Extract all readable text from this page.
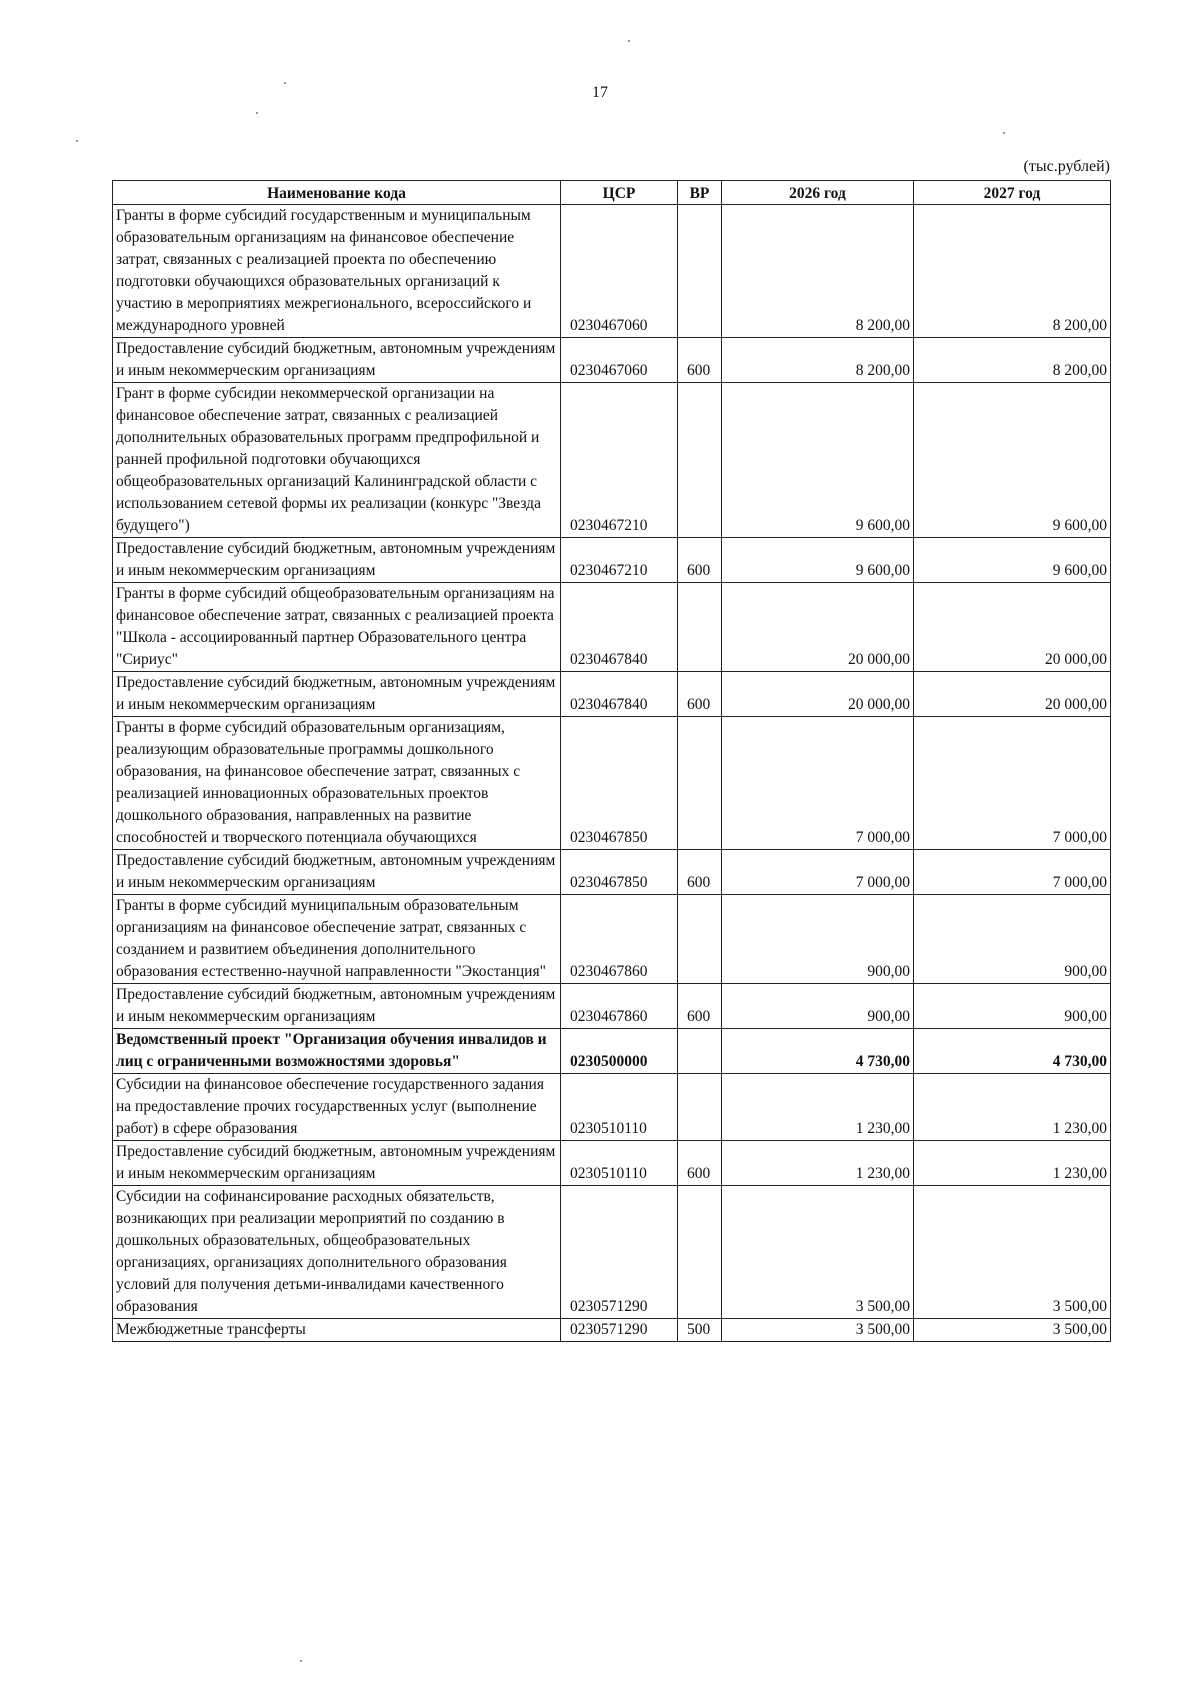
17
(тыс.рублей)
Наименование кода	ЦСР	ВР	2026 год	2027 год
Гранты в форме субсидий государственным и муниципальным образовательным организациям на финансовое обеспечение затрат, связанных с реализацией проекта по обеспечению подготовки обучающихся образовательных организаций к участию в мероприятиях межрегионального, всероссийского и международного уровней	0230467060		8 200,00	8 200,00
Предоставление субсидий бюджетным, автономным учреждениям и иным некоммерческим организациям	0230467060	600	8 200,00	8 200,00
Грант в форме субсидии некоммерческой организации на финансовое обеспечение затрат, связанных с реализацией дополнительных образовательных программ предпрофильной и ранней профильной подготовки обучающихся общеобразовательных организаций Калининградской области с использованием сетевой формы их реализации (конкурс "Звезда будущего")	0230467210		9 600,00	9 600,00
Предоставление субсидий бюджетным, автономным учреждениям и иным некоммерческим организациям	0230467210	600	9 600,00	9 600,00
Гранты в форме субсидий общеобразовательным организациям на финансовое обеспечение затрат, связанных с реализацией проекта "Школа - ассоциированный партнер Образовательного центра "Сириус"	0230467840		20 000,00	20 000,00
Предоставление субсидий бюджетным, автономным учреждениям и иным некоммерческим организациям	0230467840	600	20 000,00	20 000,00
Гранты в форме субсидий образовательным организациям, реализующим образовательные программы дошкольного образования, на финансовое обеспечение затрат, связанных с реализацией инновационных образовательных проектов дошкольного образования, направленных на развитие способностей и творческого потенциала обучающихся	0230467850		7 000,00	7 000,00
Предоставление субсидий бюджетным, автономным учреждениям и иным некоммерческим организациям	0230467850	600	7 000,00	7 000,00
Гранты в форме субсидий муниципальным образовательным организациям на финансовое обеспечение затрат, связанных с созданием и развитием объединения дополнительного образования естественно-научной направленности "Экостанция"	0230467860		900,00	900,00
Предоставление субсидий бюджетным, автономным учреждениям и иным некоммерческим организациям	0230467860	600	900,00	900,00
Ведомственный проект "Организация обучения инвалидов и лиц с ограниченными возможностями здоровья"	0230500000		4 730,00	4 730,00
Субсидии на финансовое обеспечение государственного задания на предоставление прочих государственных услуг (выполнение работ) в сфере образования	0230510110		1 230,00	1 230,00
Предоставление субсидий бюджетным, автономным учреждениям и иным некоммерческим организациям	0230510110	600	1 230,00	1 230,00
Субсидии на софинансирование расходных обязательств, возникающих при реализации мероприятий по созданию в дошкольных образовательных, общеобразовательных организациях, организациях дополнительного образования условий для получения детьми-инвалидами качественного образования	0230571290		3 500,00	3 500,00
Межбюджетные трансферты	0230571290	500	3 500,00	3 500,00
